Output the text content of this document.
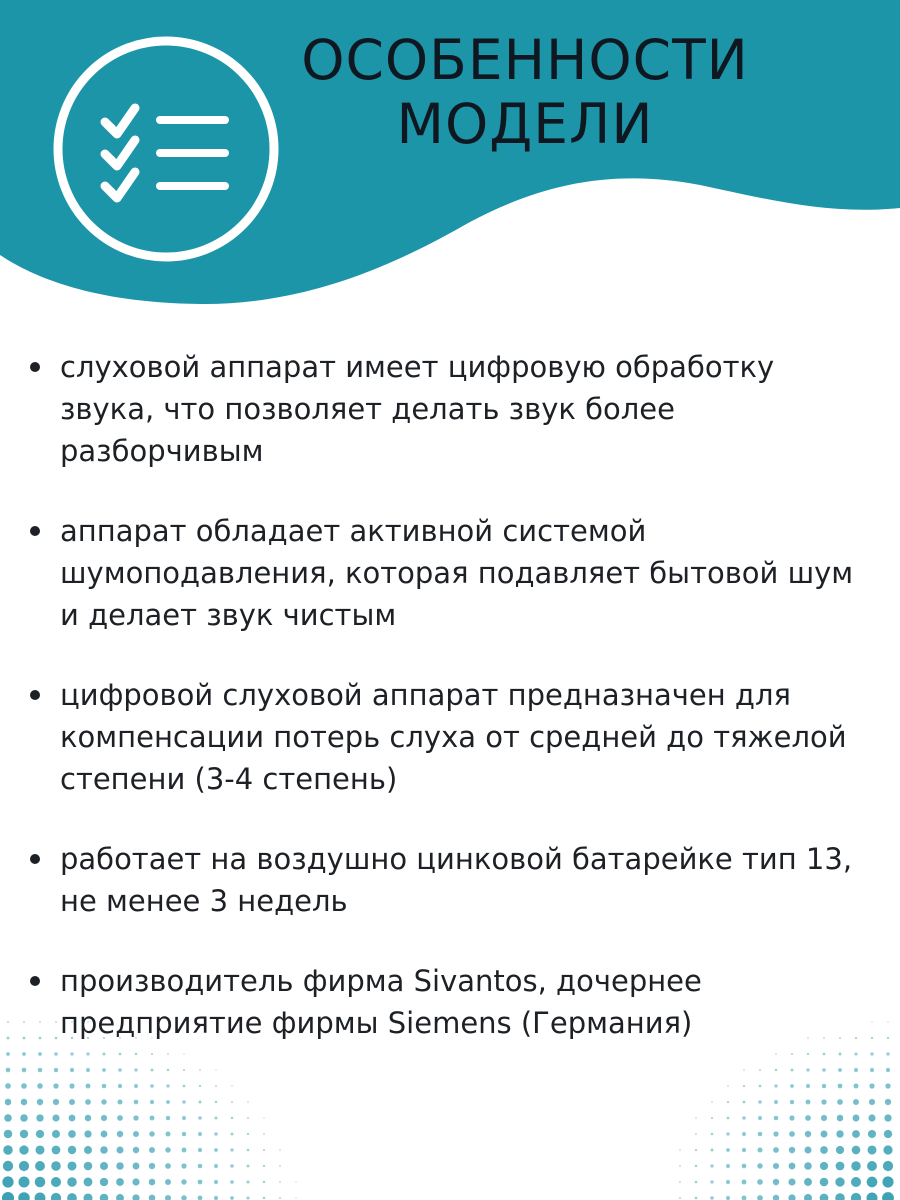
ОСОБЕННОСТИ
МОДЕЛИ
слуховой аппарат имеет цифровую обработку звука, что позволяет делать звук более разборчивым
аппарат обладает активной системой шумоподавления, которая подавляет бытовой шум и делает звук чистым
цифровой слуховой аппарат предназначен для компенсации потерь слуха от средней до тяжелой степени (3-4 степень)
работает на воздушно цинковой батарейке тип 13, не менее 3 недель
производитель фирма Sivantos, дочернее предприятие фирмы Siemens (Германия)
